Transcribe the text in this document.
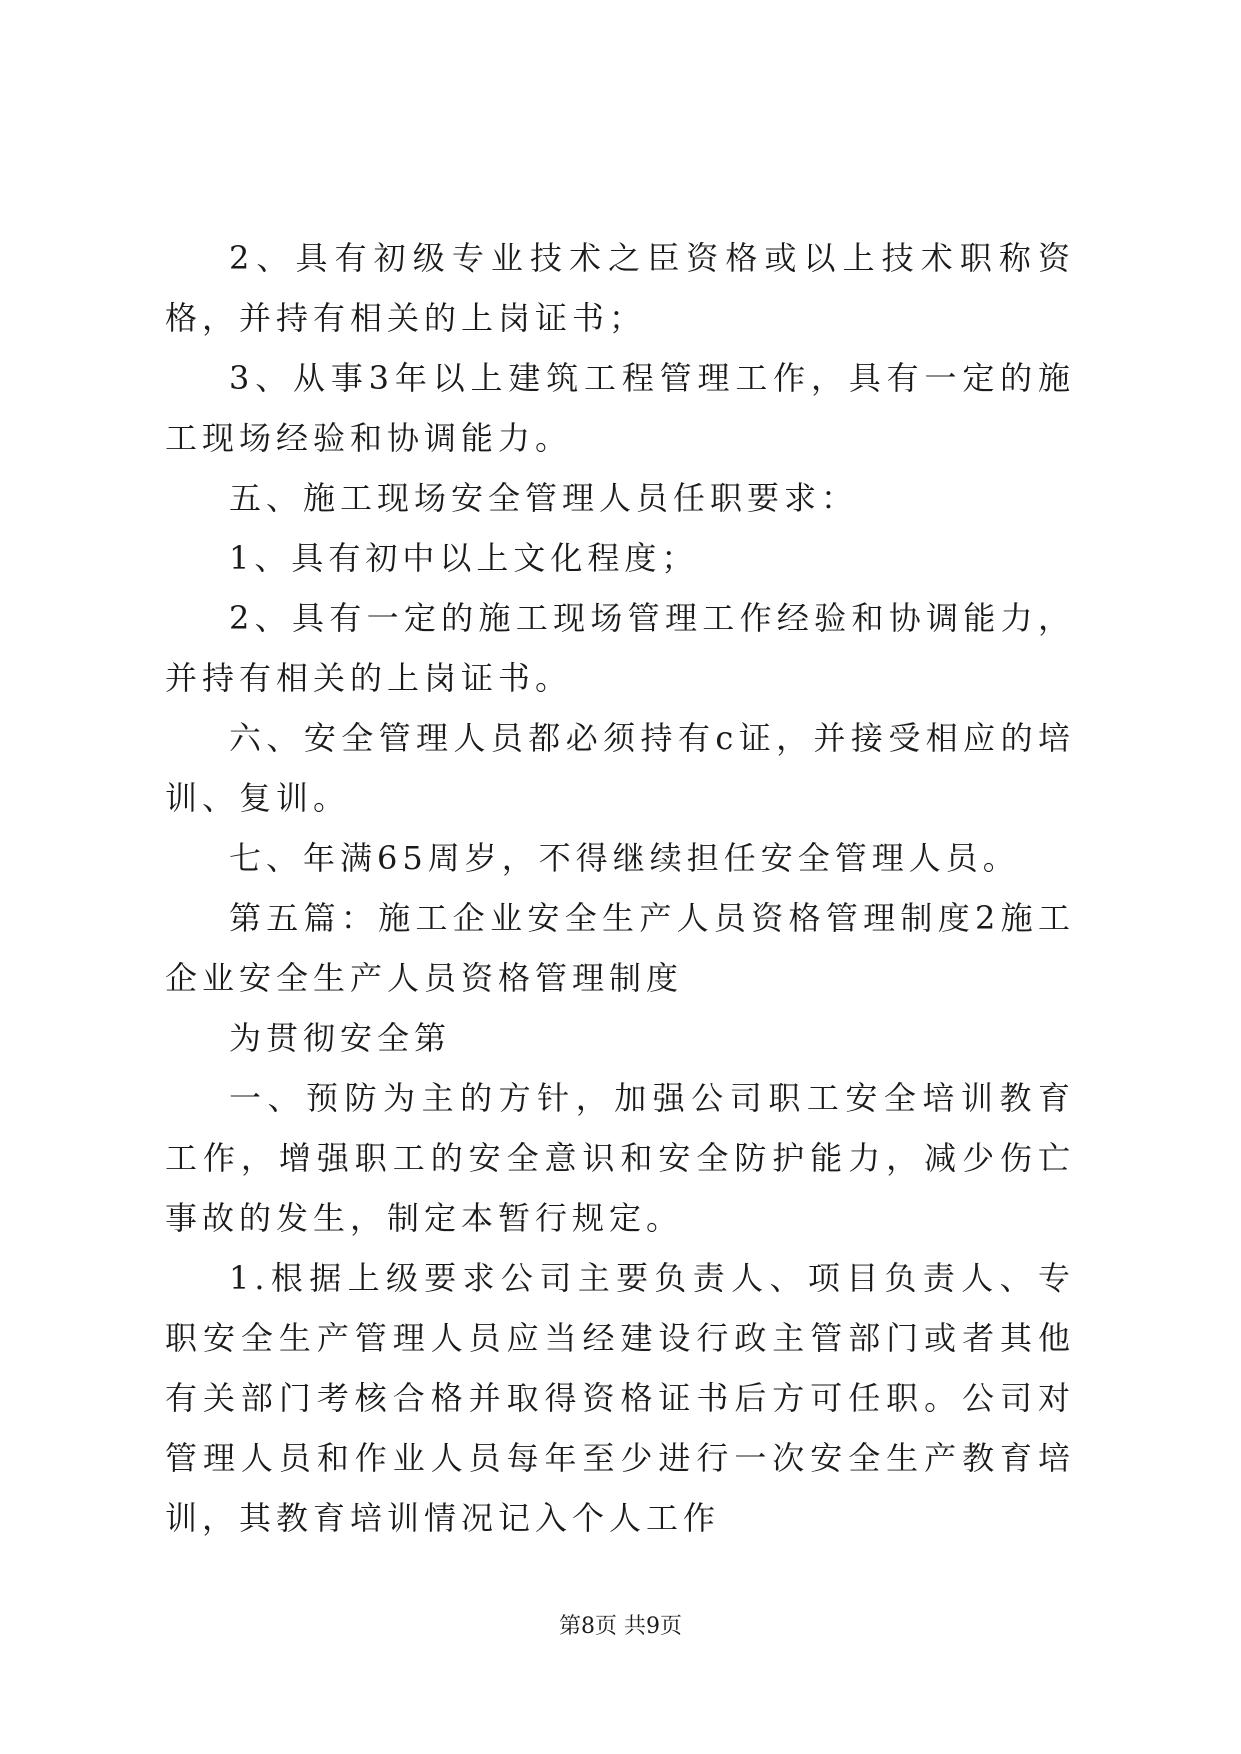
2、具有初级专业技术之臣资格或以上技术职称资格，并持有相关的上岗证书；

3、从事3年以上建筑工程管理工作，具有一定的施工现场经验和协调能力。

五、施工现场安全管理人员任职要求：

1、具有初中以上文化程度；

2、具有一定的施工现场管理工作经验和协调能力，并持有相关的上岗证书。

六、安全管理人员都必须持有c证，并接受相应的培训、复训。

七、年满65周岁，不得继续担任安全管理人员。

第五篇：施工企业安全生产人员资格管理制度2施工企业安全生产人员资格管理制度

为贯彻安全第

一、预防为主的方针，加强公司职工安全培训教育工作，增强职工的安全意识和安全防护能力，减少伤亡事故的发生，制定本暂行规定。

1.根据上级要求公司主要负责人、项目负责人、专职安全生产管理人员应当经建设行政主管部门或者其他有关部门考核合格并取得资格证书后方可任职。公司对管理人员和作业人员每年至少进行一次安全生产教育培训，其教育培训情况记入个人工作

第8页 共9页
